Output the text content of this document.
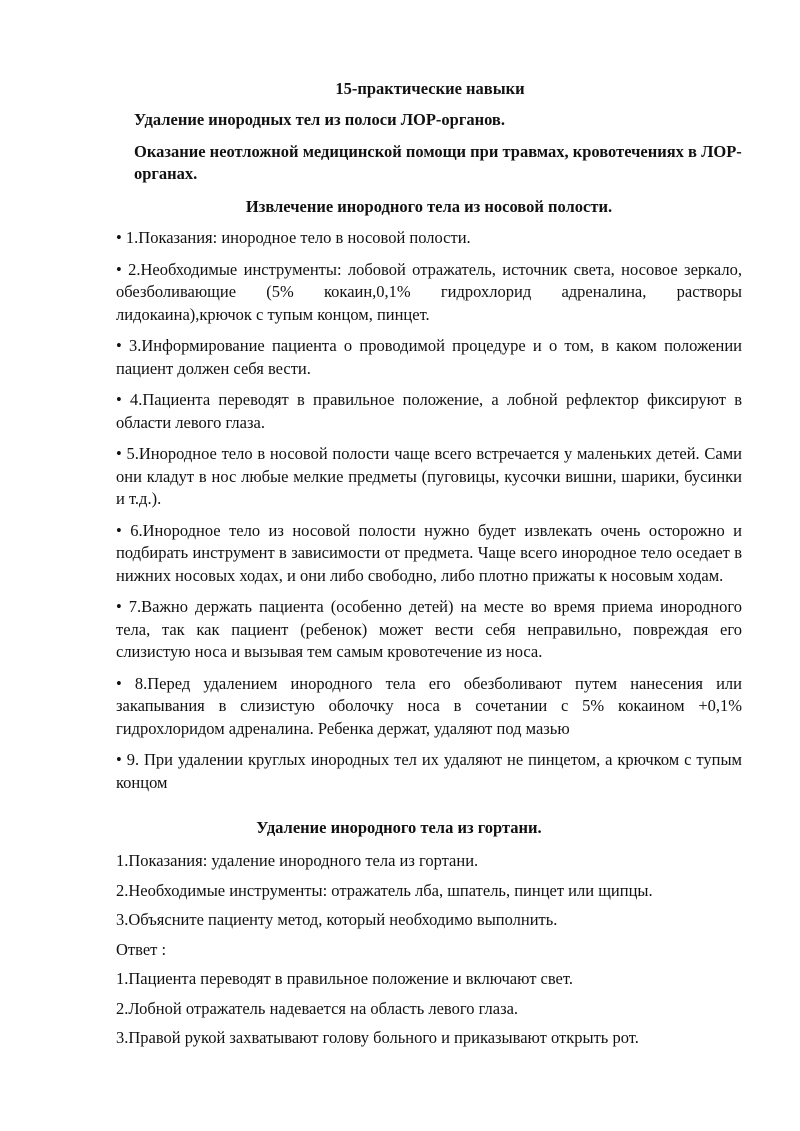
15-практические навыки
Удаление инородных тел из полоси ЛОР-органов.
Оказание неотложной медицинской помощи при травмах, кровотечениях в ЛОР-органах.
Извлечение инородного тела из носовой полости.

• 1.Показания: инородное тело в носовой полости.

• 2.Необходимые инструменты: лобовой отражатель, источник света, носовое зеркало, обезболивающие (5% кокаин,0,1% гидрохлорид адреналина, растворы лидокаина),крючок с тупым концом, пинцет.

• 3.Информирование пациента о проводимой процедуре и о том, в каком положении пациент должен себя вести.

• 4.Пациента переводят в правильное положение, а лобной рефлектор фиксируют в области левого глаза.

• 5.Инородное тело в носовой полости чаще всего встречается у маленьких детей. Сами они кладут в нос любые мелкие предметы (пуговицы, кусочки вишни, шарики, бусинки и т.д.).

• 6.Инородное тело из носовой полости нужно будет извлекать очень осторожно и подбирать инструмент в зависимости от предмета. Чаще всего инородное тело оседает в нижних носовых ходах, и они либо свободно, либо плотно прижаты к носовым ходам.

• 7.Важно держать пациента (особенно детей) на месте во время приема инородного тела, так как пациент (ребенок) может вести себя неправильно, повреждая его слизистую носа и вызывая тем самым кровотечение из носа.

• 8.Перед удалением инородного тела его обезболивают путем нанесения или закапывания в слизистую оболочку носа в сочетании с 5% кокаином +0,1% гидрохлоридом адреналина. Ребенка держат, удаляют под мазью

• 9. При удалении круглых инородных тел их удаляют не пинцетом, а крючком с тупым концом

Удаление инородного тела из гортани.

1.Показания: удаление инородного тела из гортани.

2.Необходимые инструменты: отражатель лба, шпатель, пинцет или щипцы.

3.Объясните пациенту метод, который необходимо выполнить.

Ответ :

1.Пациента переводят в правильное положение и включают свет.

2.Лобной отражатель надевается на область левого глаза.

3.Правой рукой захватывают голову больного и приказывают открыть рот.
